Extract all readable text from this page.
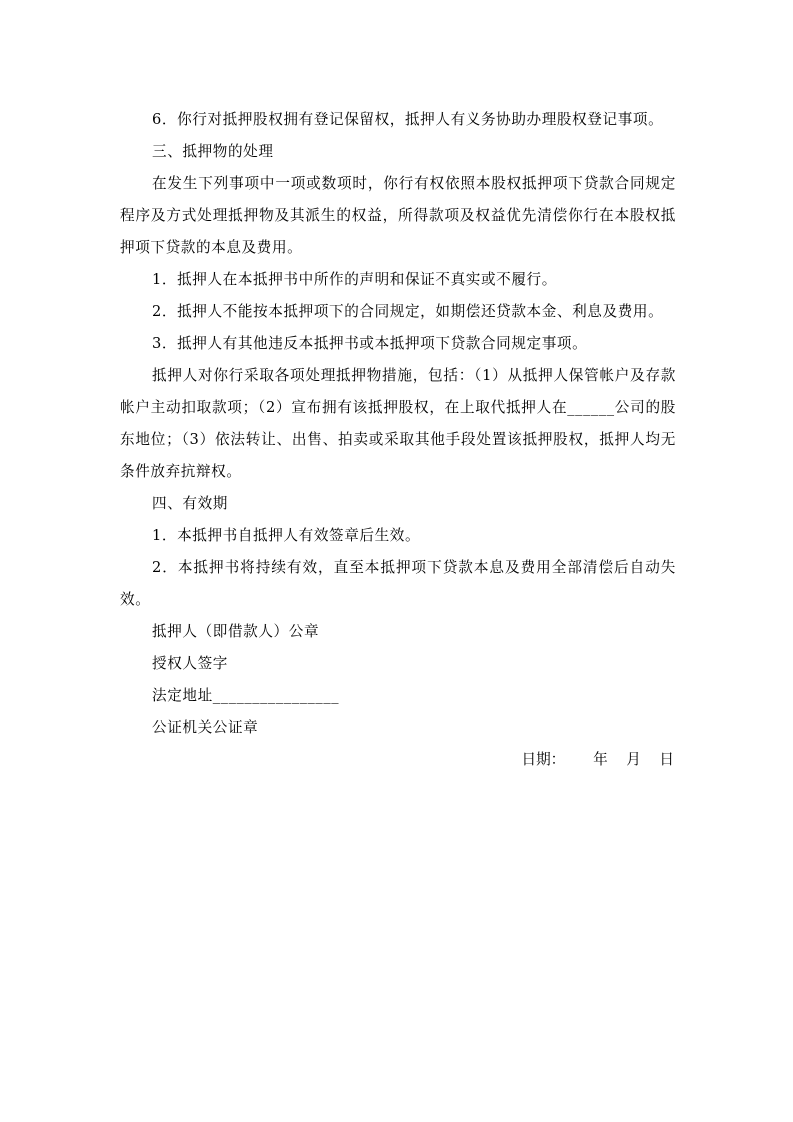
6．你行对抵押股权拥有登记保留权，抵押人有义务协助办理股权登记事项。

三、抵押物的处理

在发生下列事项中一项或数项时，你行有权依照本股权抵押项下贷款合同规定程序及方式处理抵押物及其派生的权益，所得款项及权益优先清偿你行在本股权抵押项下贷款的本息及费用。

1．抵押人在本抵押书中所作的声明和保证不真实或不履行。

2．抵押人不能按本抵押项下的合同规定，如期偿还贷款本金、利息及费用。

3．抵押人有其他违反本抵押书或本抵押项下贷款合同规定事项。

抵押人对你行采取各项处理抵押物措施，包括：（1）从抵押人保管帐户及存款帐户主动扣取款项；（2）宣布拥有该抵押股权，在上取代抵押人在______公司的股东地位；（3）依法转让、出售、拍卖或采取其他手段处置该抵押股权，抵押人均无条件放弃抗辩权。

四、有效期

1．本抵押书自抵押人有效签章后生效。

2．本抵押书将持续有效，直至本抵押项下贷款本息及费用全部清偿后自动失效。

抵押人（即借款人）公章

授权人签字

法定地址________________

公证机关公证章

日期：      年    月    日
